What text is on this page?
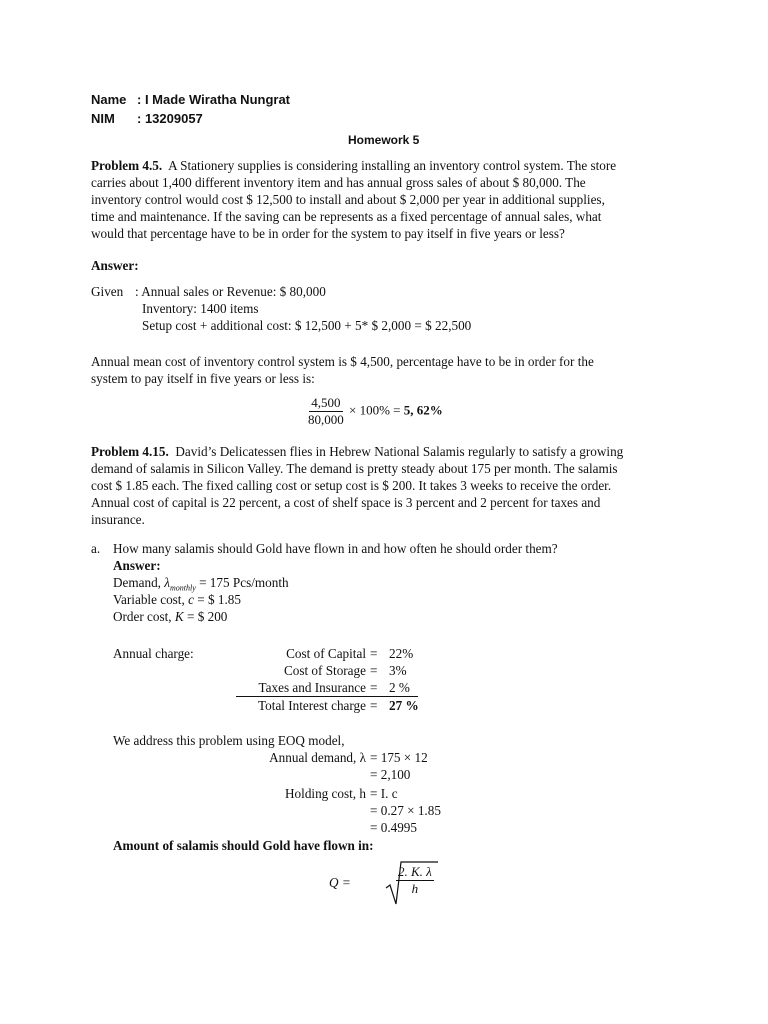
Name : I Made Wiratha Nungrat
NIM : 13209057
Homework 5
Problem 4.5. A Stationery supplies is considering installing an inventory control system. The store
carries about 1,400 different inventory item and has annual gross sales of about $ 80,000. The
inventory control would cost $ 12,500 to install and about $ 2,000 per year in additional supplies,
time and maintenance. If the saving can be represents as a fixed percentage of annual sales, what
would that percentage have to be in order for the system to pay itself in five years or less?
Answer:
Given : Annual sales or Revenue: $ 80,000
Inventory: 1400 items
Setup cost + additional cost: $ 12,500 + 5* $ 2,000 = $ 22,500
Annual mean cost of inventory control system is $ 4,500, percentage have to be in order for the
system to pay itself in five years or less is:
$\frac{4,500}{80,000} \times 100\% = 5$, 62%
Problem 4.15. David’s Delicatessen flies in Hebrew National Salamis regularly to satisfy a growing
demand of salamis in Silicon Valley. The demand is pretty steady about 175 per month. The salamis
cost $ 1.85 each. The fixed calling cost or setup cost is $ 200. It takes 3 weeks to receive the order.
Annual cost of capital is 22 percent, a cost of shelf space is 3 percent and 2 percent for taxes and
insurance.
a. How many salamis should Gold have flown in and how often he should order them?
Answer:
Demand, $\lambda_{monthly} = 175$ Pcs/month
Variable cost, c = $ 1.85
Order cost, K = $ 200
Annual charge:	Cost of Capital = 22%
Cost of Storage = 3%
Taxes and Insurance = 2 %
Total Interest charge = 27 %
We address this problem using EOQ model,
Annual demand, λ = 175 × 12
= 2,100
Holding cost, h = I. c
= 0.27 × 1.85
= 0.4995
Amount of salamis should Gold have flown in:
Q =	$\frac{2. K. \lambda}{h}$
